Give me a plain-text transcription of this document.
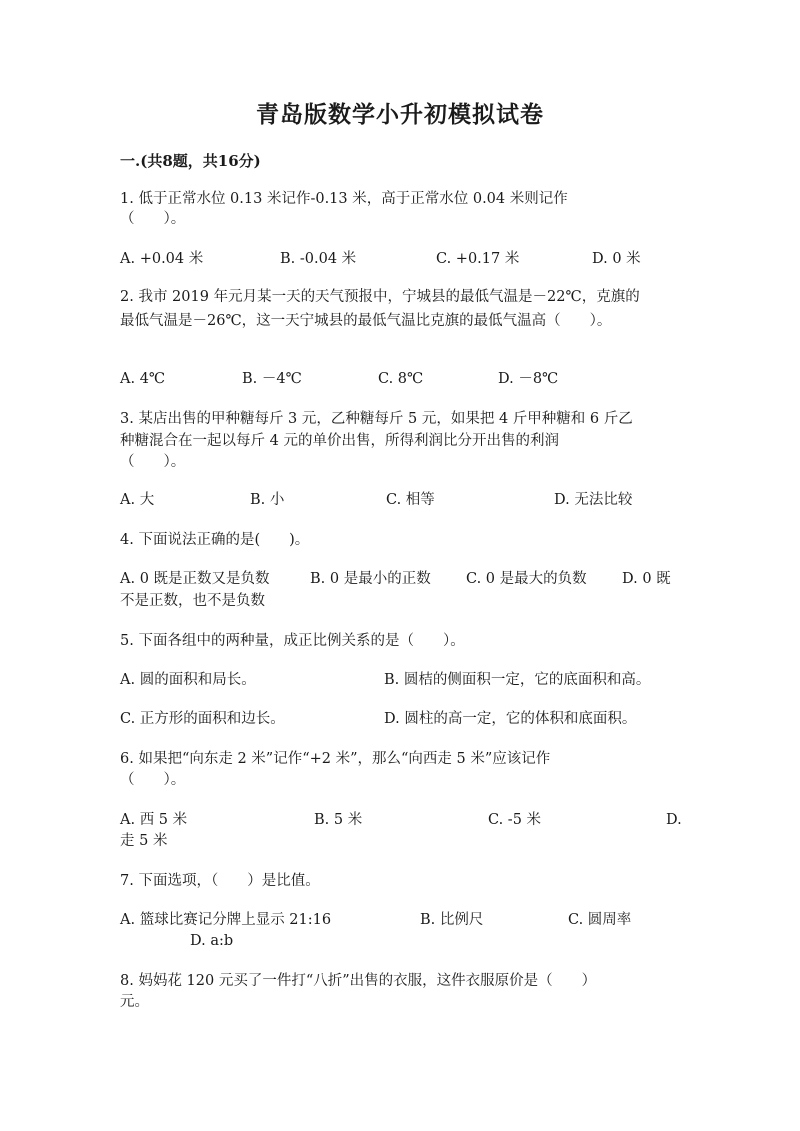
青岛版数学小升初模拟试卷
一.(共8题，共16分)
1. 低于正常水位 0.13 米记作-0.13 米，高于正常水位 0.04 米则记作
（　　）。
A. +0.04 米	B. -0.04 米	C. +0.17 米	D. 0 米
2. 我市 2019 年元月某一天的天气预报中，宁城县的最低气温是－22℃，克旗的
最低气温是－26℃，这一天宁城县的最低气温比克旗的最低气温高（　　）。
A. 4℃	B. －4℃	C. 8℃	D. －8℃
3. 某店出售的甲种糖每斤 3 元，乙种糖每斤 5 元，如果把 4 斤甲种糖和 6 斤乙
种糖混合在一起以每斤 4 元的单价出售，所得利润比分开出售的利润
（　　）。
A. 大	B. 小	C. 相等	D. 无法比较
4. 下面说法正确的是(　　)。
A. 0 既是正数又是负数	B. 0 是最小的正数 C. 0 是最大的负数 D. 0 既
不是正数，也不是负数
5. 下面各组中的两种量，成正比例关系的是（　　）。
A. 圆的面积和局长。	B. 圆桔的侧面积一定，它的底面积和高。
C. 正方形的面积和边长。	D. 圆柱的高一定，它的体积和底面积。
6. 如果把“向东走 2 米”记作“+2 米”，那么“向西走 5 米”应该记作
（　　）。
A. 西 5 米	B. 5 米	C. -5 米	D.
走 5 米
7. 下面选项，（　　）是比值。
A. 篮球比赛记分牌上显示 21:16	B. 比例尺	C. 圆周率
D. a:b
8. 妈妈花 120 元买了一件打“八折”出售的衣服，这件衣服原价是（　　）
元。
